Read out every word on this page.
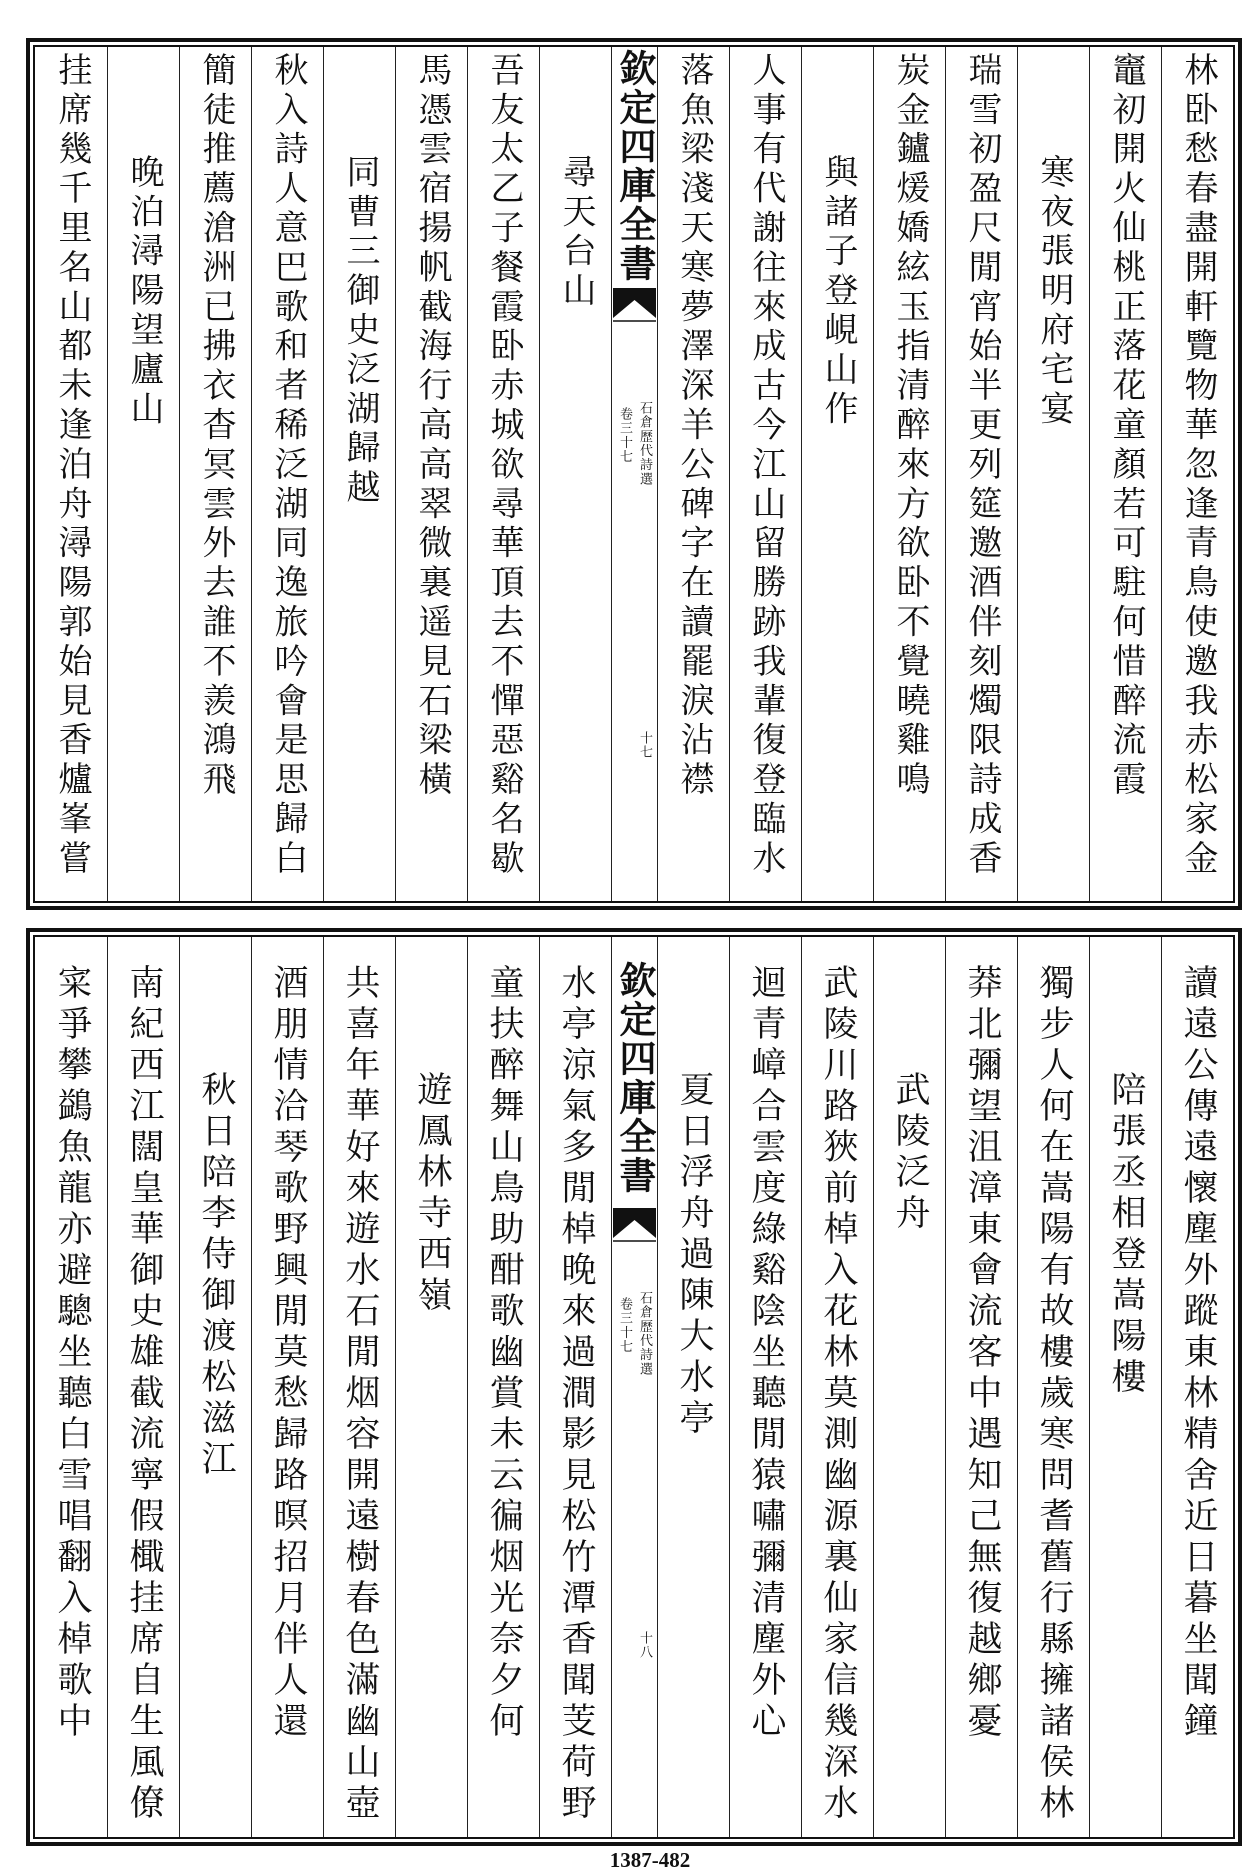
林卧愁春盡開軒覽物華忽逢青鳥使邀我赤松家金
竈初開火仙桃正落花童顏若可駐何惜醉流霞
寒夜張明府宅宴
瑞雪初盈尺閒宵始半更列筵邀酒伴刻燭限詩成香
炭金鑪煖嬌絃玉指清醉來方欲卧不覺曉雞鳴
與諸子登峴山作
人事有代謝往來成古今江山留勝跡我輩復登臨水
落魚梁淺天寒夢澤深羊公碑字在讀罷淚沾襟
欽定四庫全書
石倉歷代詩選
卷三十七
十七
尋天台山
吾友太乙子餐霞卧赤城欲尋華頂去不憚惡谿名歇
馬憑雲宿揚帆截海行高高翠微裏遥見石梁橫
同曹三御史泛湖歸越
秋入詩人意巴歌和者稀泛湖同逸旅吟會是思歸白
簡徒推薦滄洲已拂衣杳冥雲外去誰不羨鴻飛
晚泊潯陽望廬山
挂席幾千里名山都未逢泊舟潯陽郭始見香爐峯嘗
讀遠公傳遠懷塵外蹤東林精舍近日暮坐聞鐘
陪張丞相登嵩陽樓
獨步人何在嵩陽有故樓歲寒問耆舊行縣擁諸侯林
莽北彌望沮漳東會流客中遇知己無復越鄉憂
武陵泛舟
武陵川路狹前棹入花林莫測幽源裏仙家信幾深水
迴青嶂合雲度綠谿陰坐聽閒猿嘯彌清塵外心
夏日浮舟過陳大水亭
欽定四庫全書
石倉歷代詩選
卷三十七
十八
水亭涼氣多閒棹晚來過澗影見松竹潭香聞芰荷野
童扶醉舞山鳥助酣歌幽賞未云徧烟光奈夕何
遊鳳林寺西嶺
共喜年華好來遊水石閒烟容開遠樹春色滿幽山壺
酒朋情洽琴歌野興閒莫愁歸路暝招月伴人還
秋日陪李侍御渡松滋江
南紀西江闊皇華御史雄截流寧假檝挂席自生風僚
寀爭攀鷁魚龍亦避驄坐聽白雪唱翻入棹歌中
1387-482
